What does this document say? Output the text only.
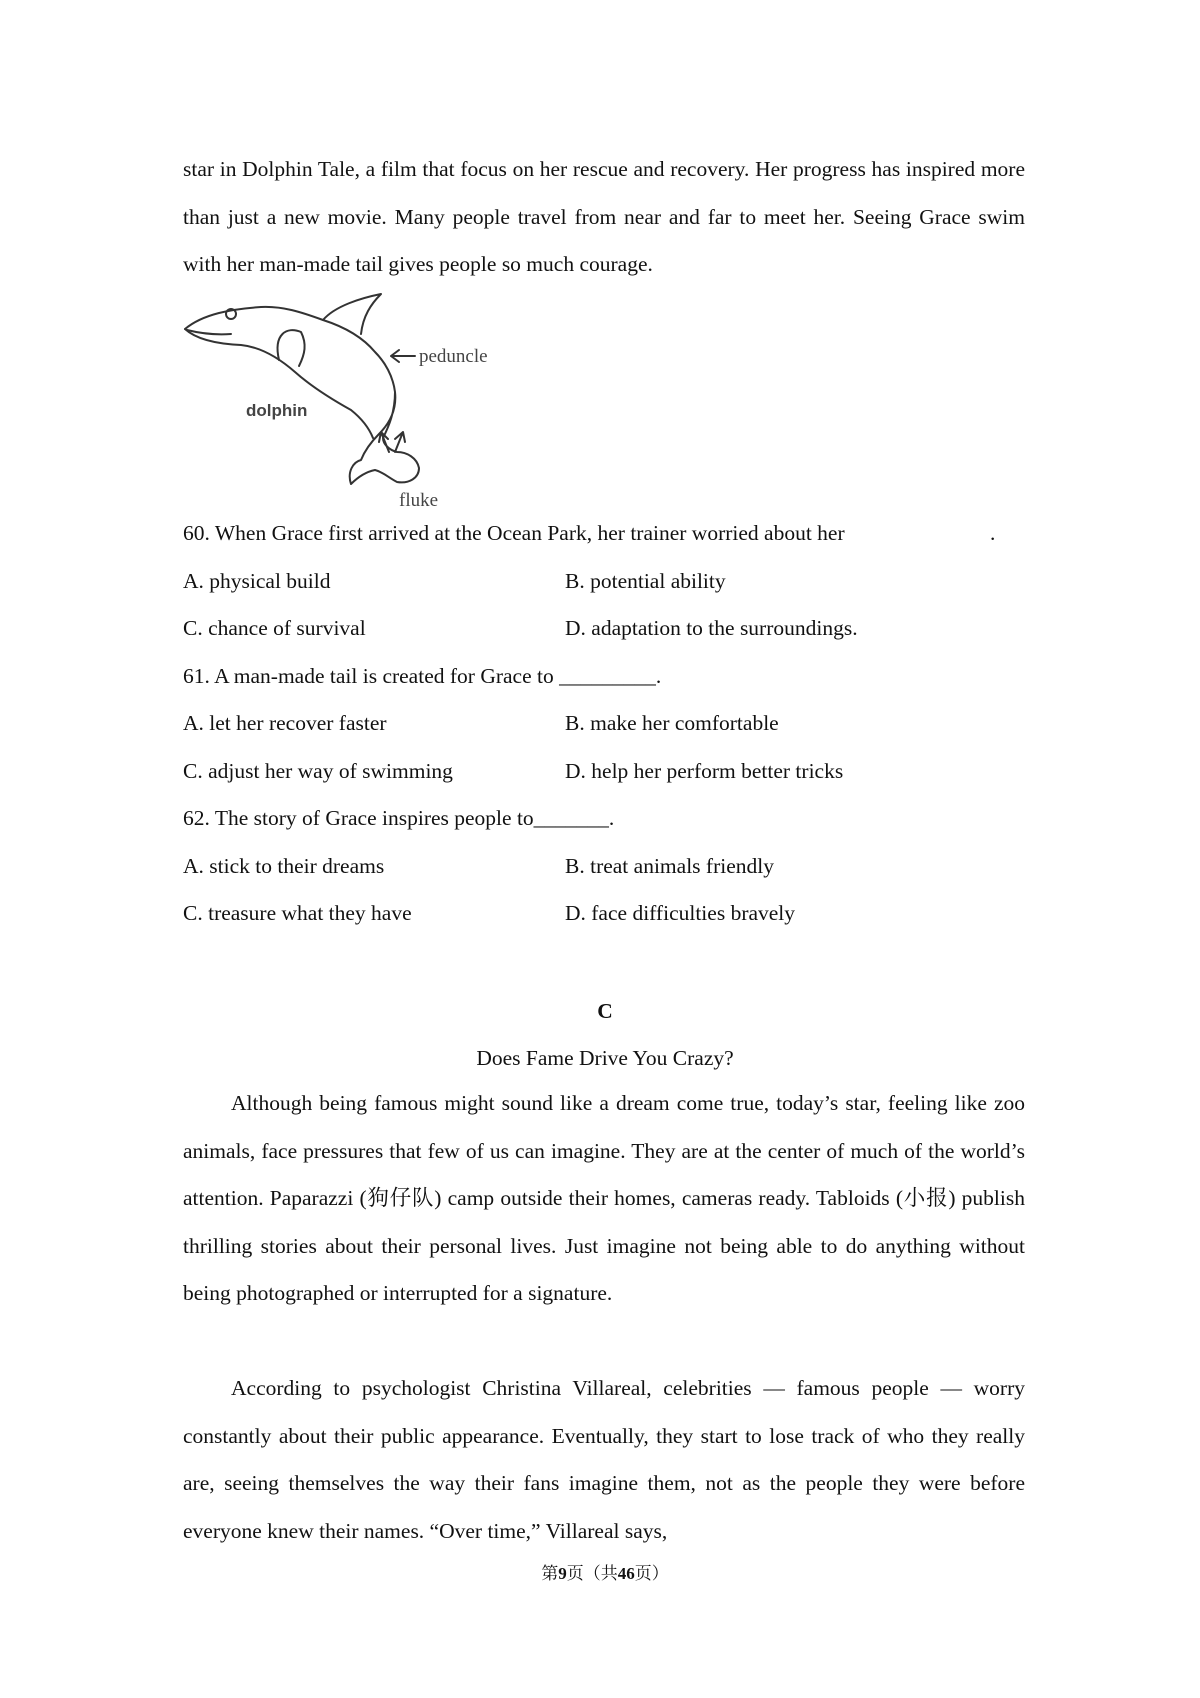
star in Dolphin Tale, a film that focus on her rescue and recovery. Her progress has inspired more than just a new movie. Many people travel from near and far to meet her. Seeing Grace swim with her man-made tail gives people so much courage.
peduncle
dolphin
fluke
60. When Grace first arrived at the Ocean Park, her trainer worried about her	.
A. physical build	B. potential ability
C. chance of survival	D. adaptation to the surroundings.
61. A man-made tail is created for Grace to _________.
A. let her recover faster	B. make her comfortable
C. adjust her way of swimming	D. help her perform better tricks
62. The story of Grace inspires people to_______.
A. stick to their dreams	B. treat animals friendly
C. treasure what they have	D. face difficulties bravely
C
Does Fame Drive You Crazy?
Although being famous might sound like a dream come true, today’s star, feeling like zoo animals, face pressures that few of us can imagine. They are at the center of much of the world’s attention. Paparazzi (狗仔队) camp outside their homes, cameras ready. Tabloids (小报) publish thrilling stories about their personal lives. Just imagine not being able to do anything without being photographed or interrupted for a signature.
According to psychologist Christina Villareal, celebrities — famous people — worry constantly about their public appearance. Eventually, they start to lose track of who they really are, seeing themselves the way their fans imagine them, not as the people they were before everyone knew their names. “Over time,” Villareal says,
第9页（共46页）
